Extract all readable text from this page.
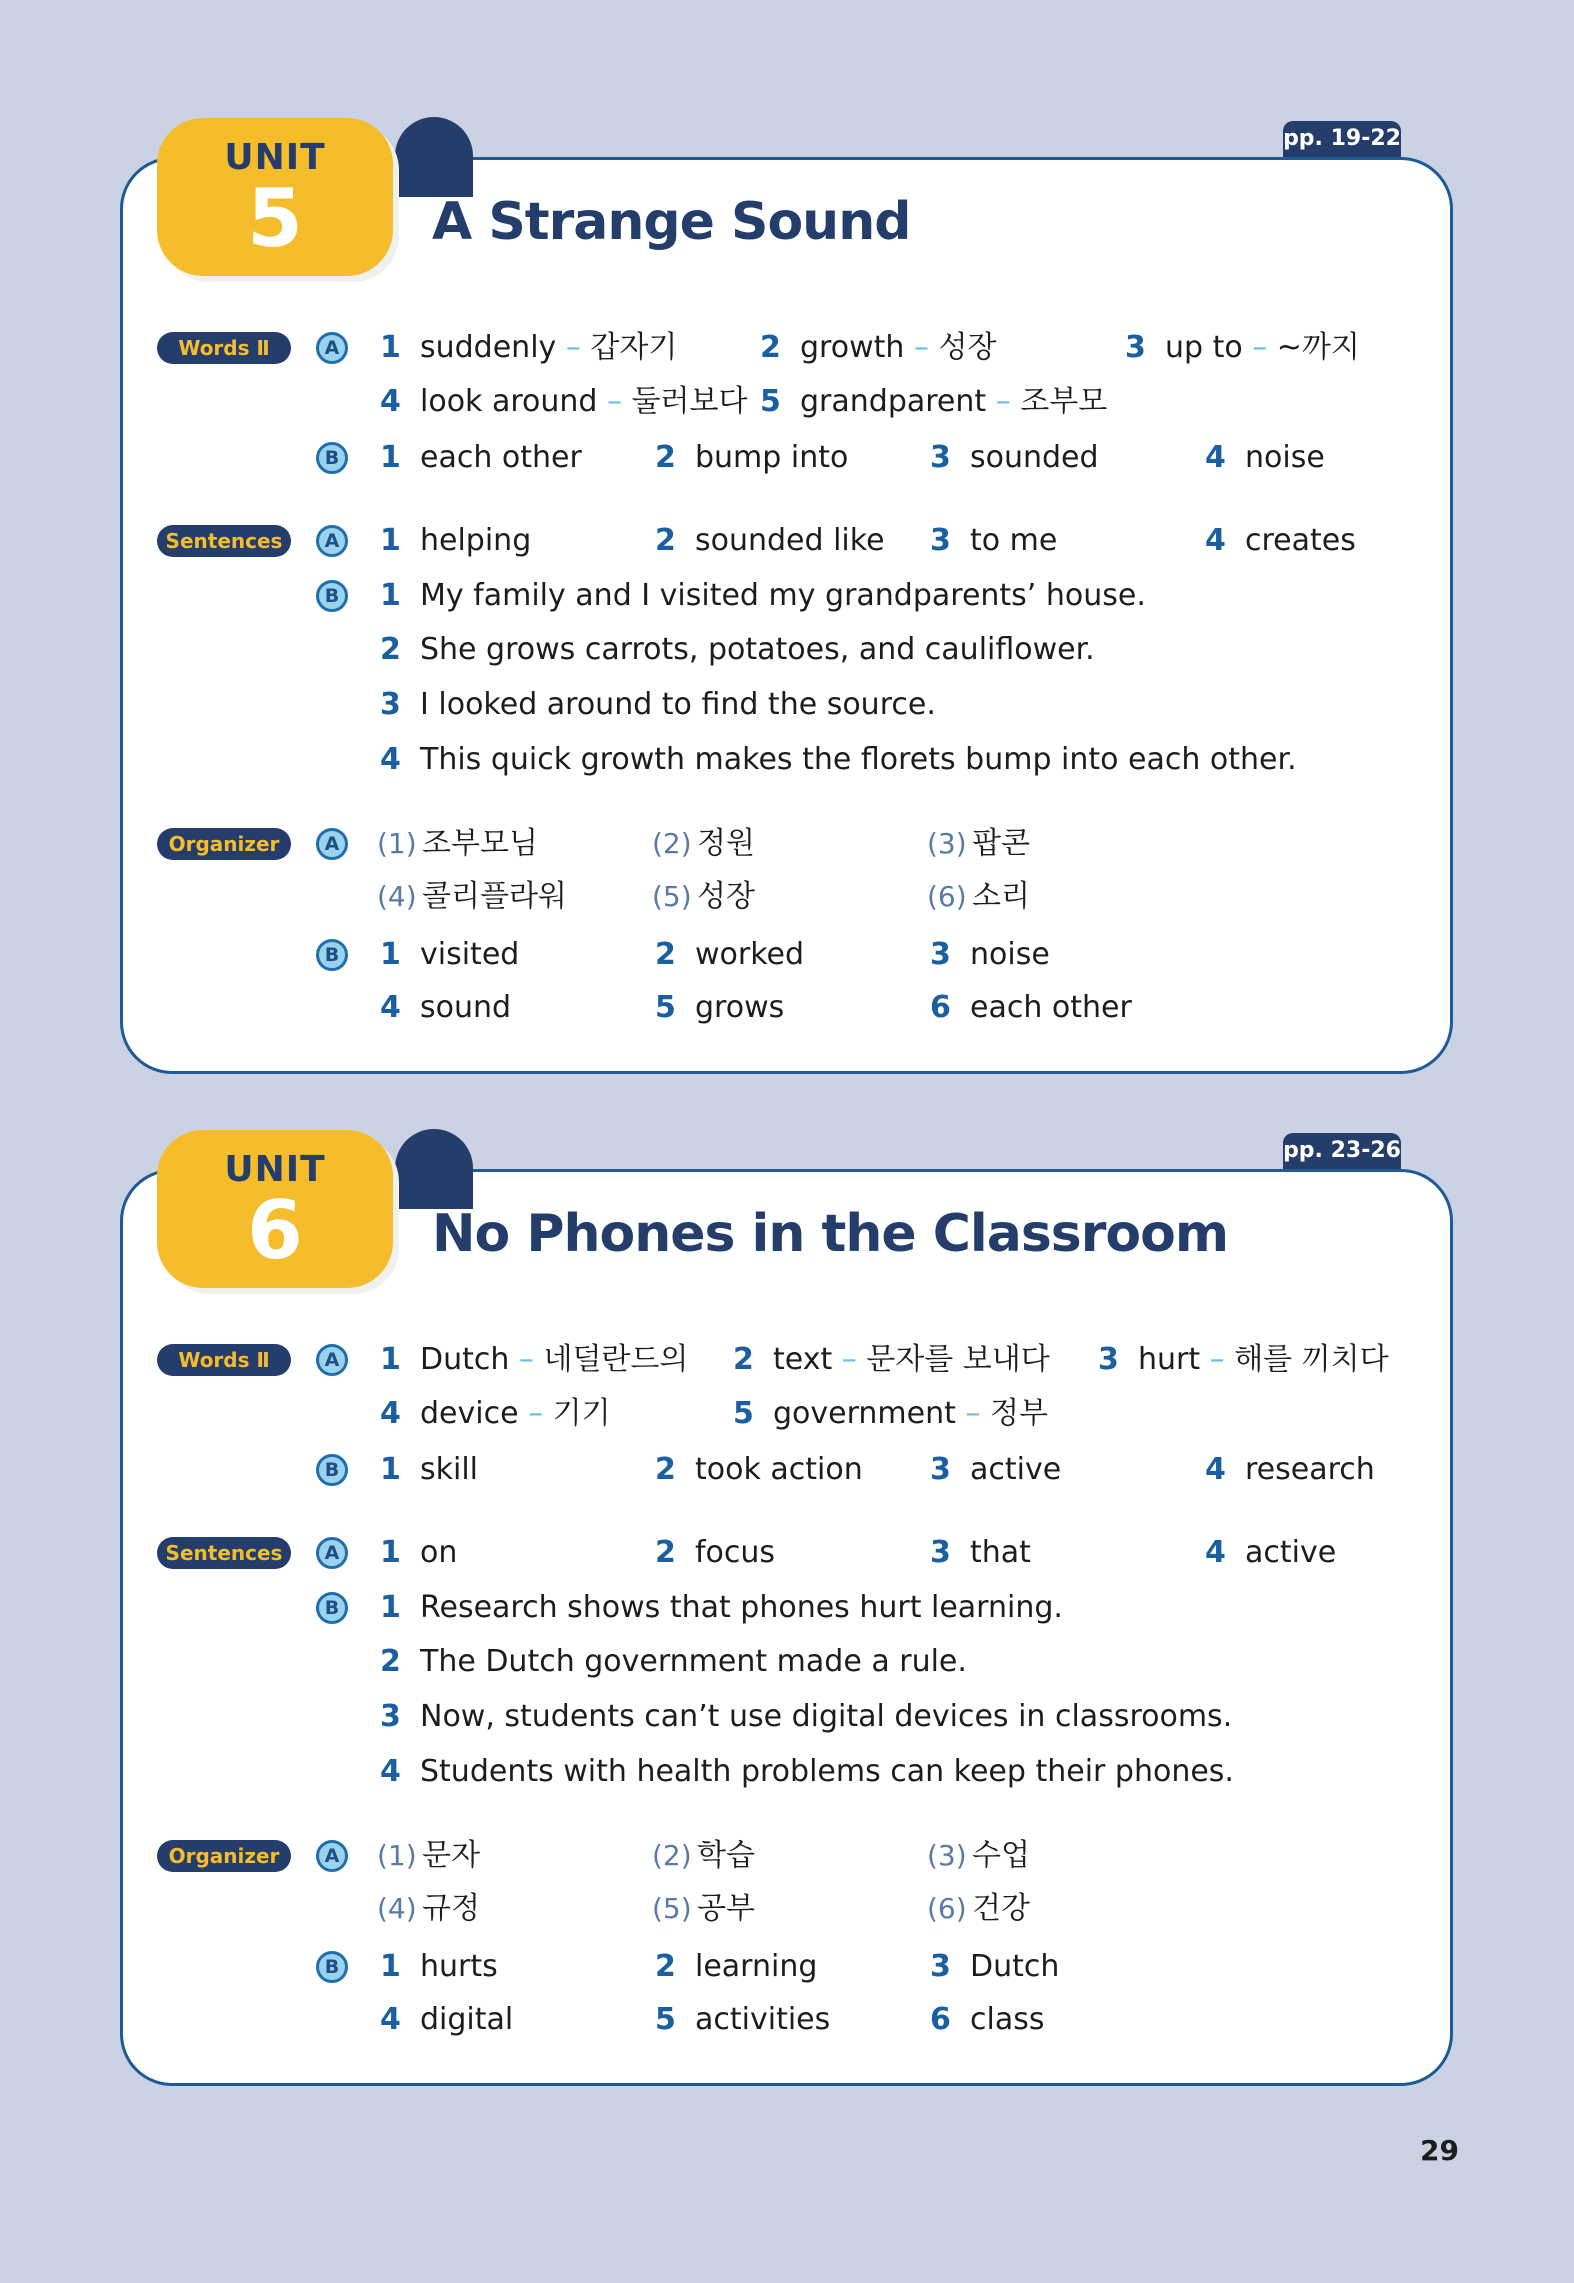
UNIT
5
pp. 19-22
A Strange Sound
Words Ⅱ
Sentences
Organizer
A
B
A
B
A
B
1 suddenly – 갑자기	2 growth – 성장	3 up to – ~까지
4 look around – 둘러보다 5 grandparent – 조부모
1 each other 2 bump into	3 sounded	4 noise
1 helping	2 sounded like 3 to me	4 creates
1 My family and I visited my grandparents’ house.
2 She grows carrots, potatoes, and cauliflower.
3 I looked around to find the source.
4 This quick growth makes the florets bump into each other.
(1) 조부모님	(2) 정원	(3) 팝콘
(4) 콜리플라워	(5) 성장	(6) 소리
1 visited	2 worked	3 noise
4 sound	5 grows	6 each other
UNIT
6
pp. 23-26
No Phones in the Classroom
Words Ⅱ
Sentences
Organizer
A
B
A
B
A
B
1 Dutch – 네덜란드의 2 text – 문자를 보내다 3 hurt – 해를 끼치다
4 device – 기기	5 government – 정부
1 skill	2 took action 3 active	4 research
1 on	2 focus	3 that	4 active
1 Research shows that phones hurt learning.
2 The Dutch government made a rule.
3 Now, students can’t use digital devices in classrooms.
4 Students with health problems can keep their phones.
(1) 문자	(2) 학습	(3) 수업
(4) 규정	(5) 공부	(6) 건강
1 hurts	2 learning	3 Dutch
4 digital	5 activities	6 class
29
